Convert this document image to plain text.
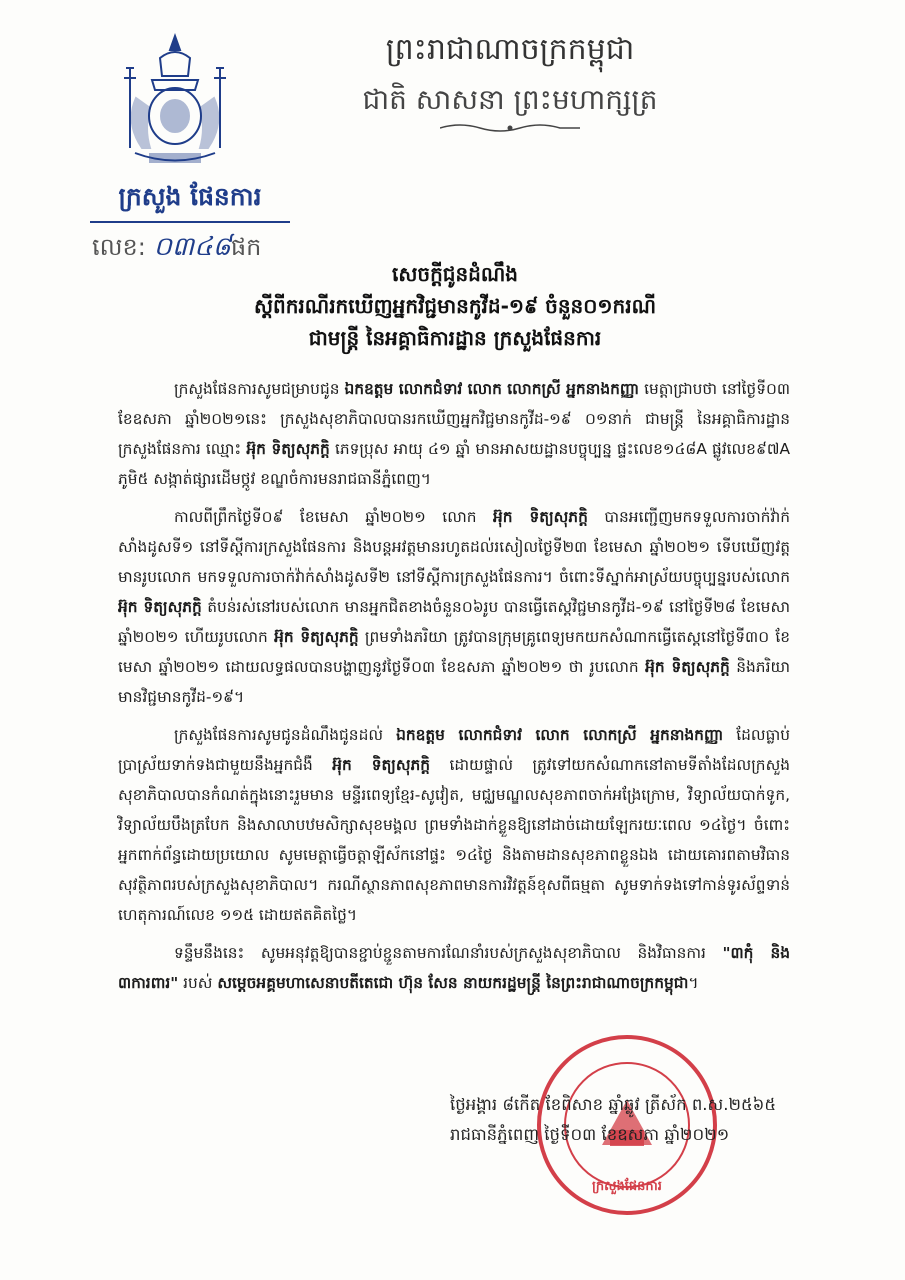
ក្រសួង ផែនការ
លេខ: ០៣៤៨ផក
ព្រះរាជាណាចក្រកម្ពុជា
ជាតិ សាសនា ព្រះមហាក្សត្រ
សេចក្តីជូនដំណឹង
ស្តីពីករណីរកឃើញអ្នកវិជ្ជមានកូវីដ-១៩ ចំនួន០១ករណី
ជាមន្ត្រី នៃអគ្គាធិការដ្ឋាន ក្រសួងផែនការ

ក្រសួងផែនការសូមជម្រាបជូន ឯកឧត្តម លោកជំទាវ លោក លោកស្រី អ្នកនាងកញ្ញា មេត្តាជ្រាបថា នៅថ្ងៃទី០៣ ខែឧសភា ឆ្នាំ២០២១នេះ ក្រសួងសុខាភិបាលបានរកឃើញអ្នកវិជ្ជមានកូវីដ-១៩ ០១នាក់ ជាមន្ត្រី នៃអគ្គាធិការដ្ឋាន ក្រសួងផែនការ ឈ្មោះ អ៊ុក ទិត្យសុភក្តិ ភេទប្រុស អាយុ ៤១ ឆ្នាំ មានអាសយដ្ឋានបច្ចុប្បន្ន ផ្ទះលេខ១៤៨A ផ្លូវលេខ៩៧A ភូមិ៥ សង្កាត់ផ្សារដើមថ្កូវ ខណ្ឌចំការមនរាជធានីភ្នំពេញ។

កាលពីព្រឹកថ្ងៃទី០៩ ខែមេសា ឆ្នាំ២០២១ លោក អ៊ុក ទិត្យសុភក្តិ បានអញ្ជើញមកទទួលការចាក់វ៉ាក់សាំងដូសទី១ នៅទីស្តីការក្រសួងផែនការ និងបន្តអវត្តមានរហូតដល់រសៀលថ្ងៃទី២៣ ខែមេសា ឆ្នាំ២០២១ ទើបឃើញវត្តមានរូបលោក មកទទួលការចាក់វ៉ាក់សាំងដូសទី២ នៅទីស្តីការក្រសួងផែនការ។ ចំពោះទីស្នាក់អាស្រ័យបច្ចុប្បន្នរបស់លោក អ៊ុក ទិត្យសុភក្តិ តំបន់រស់នៅរបស់លោក មានអ្នកជិតខាងចំនួន០៦រូប បានធ្វើតេស្តវិជ្ជមានកូវីដ-១៩ នៅថ្ងៃទី២៨ ខែមេសា ឆ្នាំ២០២១ ហើយរូបលោក អ៊ុក ទិត្យសុភក្តិ ព្រមទាំងភរិយា ត្រូវបានក្រុមគ្រូពេទ្យមកយកសំណាកធ្វើតេស្តនៅថ្ងៃទី៣០ ខែមេសា ឆ្នាំ២០២១ ដោយលទ្ធផលបានបង្ហាញនូវថ្ងៃទី០៣ ខែឧសភា ឆ្នាំ២០២១ ថា រូបលោក អ៊ុក ទិត្យសុភក្តិ និងភរិយា មានវិជ្ជមានកូវីដ-១៩។

ក្រសួងផែនការសូមជូនដំណឹងជូនដល់ ឯកឧត្តម លោកជំទាវ លោក លោកស្រី អ្នកនាងកញ្ញា ដែលធ្លាប់ប្រាស្រ័យទាក់ទងជាមួយនឹងអ្នកជំងឺ អ៊ុក ទិត្យសុភក្តិ ដោយផ្ទាល់ ត្រូវទៅយកសំណាកនៅតាមទីតាំងដែលក្រសួងសុខាភិបាលបានកំណត់ក្នុងនោះរួមមាន មន្ទីរពេទ្យខ្មែរ-សូវៀត, មជ្ឈមណ្ឌលសុខភាពចាក់អង្រែក្រោម, វិទ្យាល័យបាក់ទូក, វិទ្យាល័យបឹងត្របែក និងសាលាបឋមសិក្សាសុខមង្គល ព្រមទាំងដាក់ខ្លួនឱ្យនៅដាច់ដោយឡែករយៈពេល ១៤ថ្ងៃ។ ចំពោះអ្នកពាក់ព័ន្ធដោយប្រយោល សូមមេត្តាធ្វើចត្តាឡីស័កនៅផ្ទះ ១៤ថ្ងៃ និងតាមដានសុខភាពខ្លួនឯង ដោយគោរពតាមវិធានសុវត្ថិភាពរបស់ក្រសួងសុខាភិបាល។ ករណីស្ថានភាពសុខភាពមានការវិវត្តន៍ខុសពីធម្មតា សូមទាក់ទងទៅកាន់ទូរស័ព្ទទាន់ហេតុការណ៍លេខ ១១៥ ដោយឥតគិតថ្លៃ។

ទន្ទឹមនឹងនេះ សូមអនុវត្តឱ្យបានខ្ជាប់ខ្ជួនតាមការណែនាំរបស់ក្រសួងសុខាភិបាល និងវិធានការ "៣កុំ និង ៣ការពារ" របស់ សម្តេចអគ្គមហាសេនាបតីតេជោ ហ៊ុន សែន នាយករដ្ឋមន្ត្រី នៃព្រះរាជាណាចក្រកម្ពុជា។

ក្រសួងផែនការ
ថ្ងៃអង្គារ ៨កើត ខែពិសាខ ឆ្នាំឆ្លូវ ត្រីស័ក ព.ស.២៥៦៥
រាជធានីភ្នំពេញ ថ្ងៃទី០៣ ខែឧសភា ឆ្នាំ២០២១
